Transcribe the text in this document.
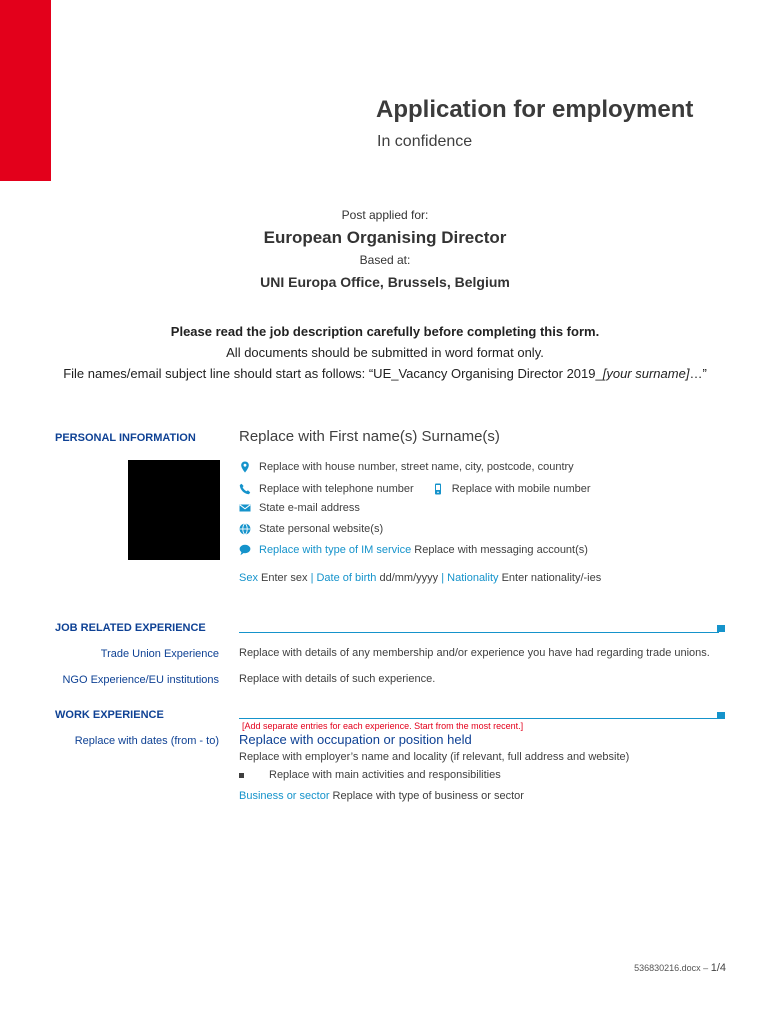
Application for employment
In confidence
Post applied for:
European Organising Director
Based at:
UNI Europa Office, Brussels, Belgium
Please read the job description carefully before completing this form.
All documents should be submitted in word format only.
File names/email subject line should start as follows: “UE_Vacancy Organising Director 2019_[your surname]…”
PERSONAL INFORMATION	Replace with First name(s) Surname(s)
Replace with house number, street name, city, postcode, country
Replace with telephone number	Replace with mobile number
State e-mail address
State personal website(s)
Replace with type of IM service
Replace with messaging account(s)
Sex Enter sex | Date of birth dd/mm/yyyy | Nationality Enter nationality/-ies
JOB RELATED EXPERIENCE
Trade Union Experience Replace with details of any membership and/or experience you have had regarding trade unions.
NGO Experience/EU institutions Replace with details of such experience.
WORK EXPERIENCE
[Add separate entries for each experience. Start from the most recent.]
Replace with dates (from - to) Replace with occupation or position held
Replace with employer’s name and locality (if relevant, full address and website)
Replace with main activities and responsibilities
Business or sector Replace with type of business or sector
536830216.docx – 1/4
